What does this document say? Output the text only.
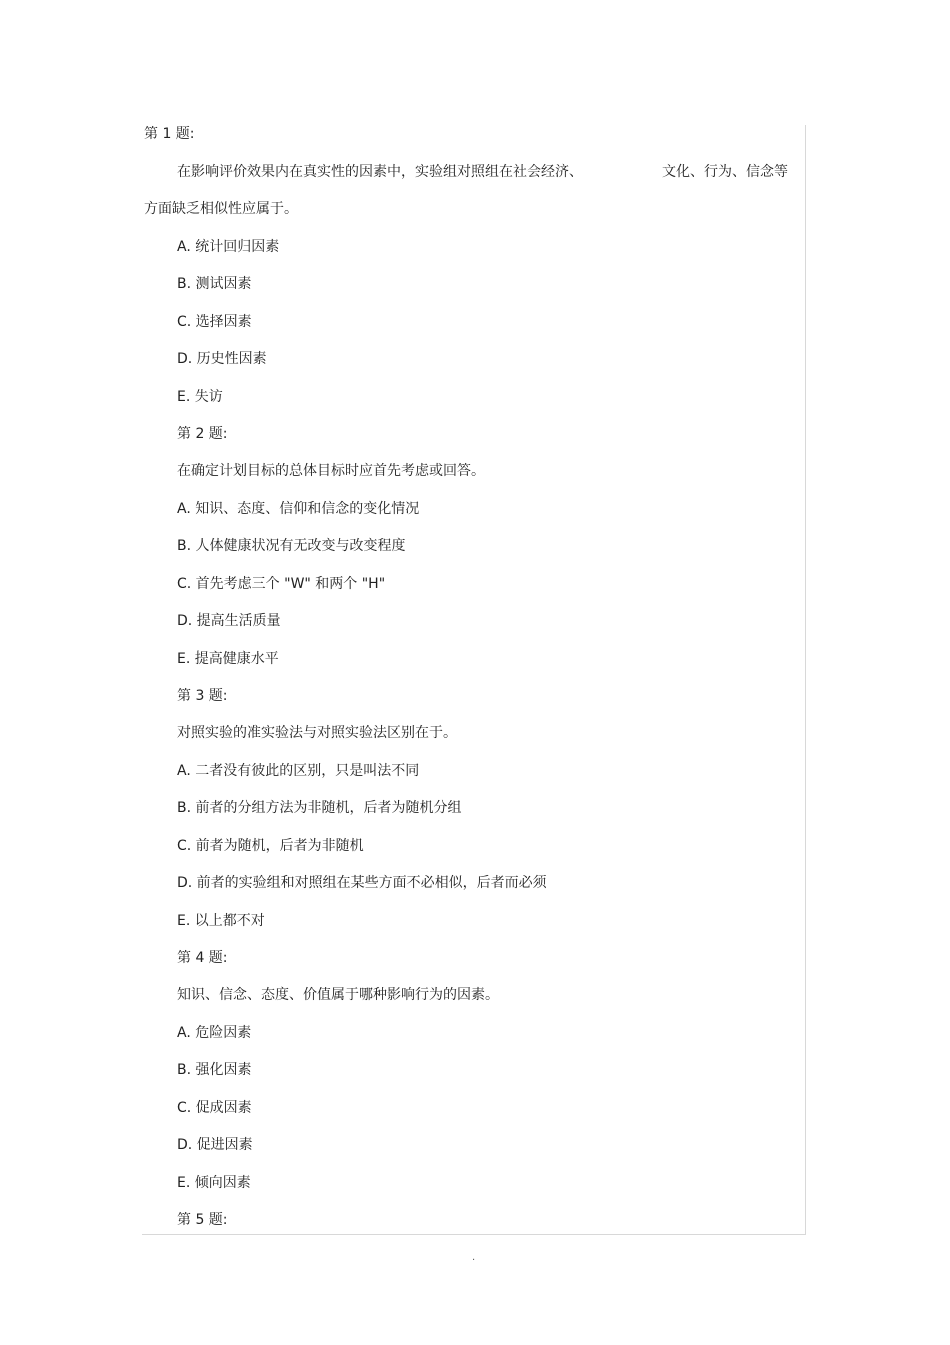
第 1 题:
在影响评价效果内在真实性的因素中，实验组对照组在社会经济、	文化、行为、信念等
方面缺乏相似性应属于。
A. 统计回归因素
B. 测试因素
C. 选择因素
D. 历史性因素
E. 失访
第 2 题:
在确定计划目标的总体目标时应首先考虑或回答。
A. 知识、态度、信仰和信念的变化情况
B. 人体健康状况有无改变与改变程度
C. 首先考虑三个 "W" 和两个 "H"
D. 提高生活质量
E. 提高健康水平
第 3 题:
对照实验的准实验法与对照实验法区别在于。
A. 二者没有彼此的区别，只是叫法不同
B. 前者的分组方法为非随机，后者为随机分组
C. 前者为随机，后者为非随机
D. 前者的实验组和对照组在某些方面不必相似，后者而必须
E. 以上都不对
第 4 题:
知识、信念、态度、价值属于哪种影响行为的因素。
A. 危险因素
B. 强化因素
C. 促成因素
D. 促进因素
E. 倾向因素
第 5 题:
.
